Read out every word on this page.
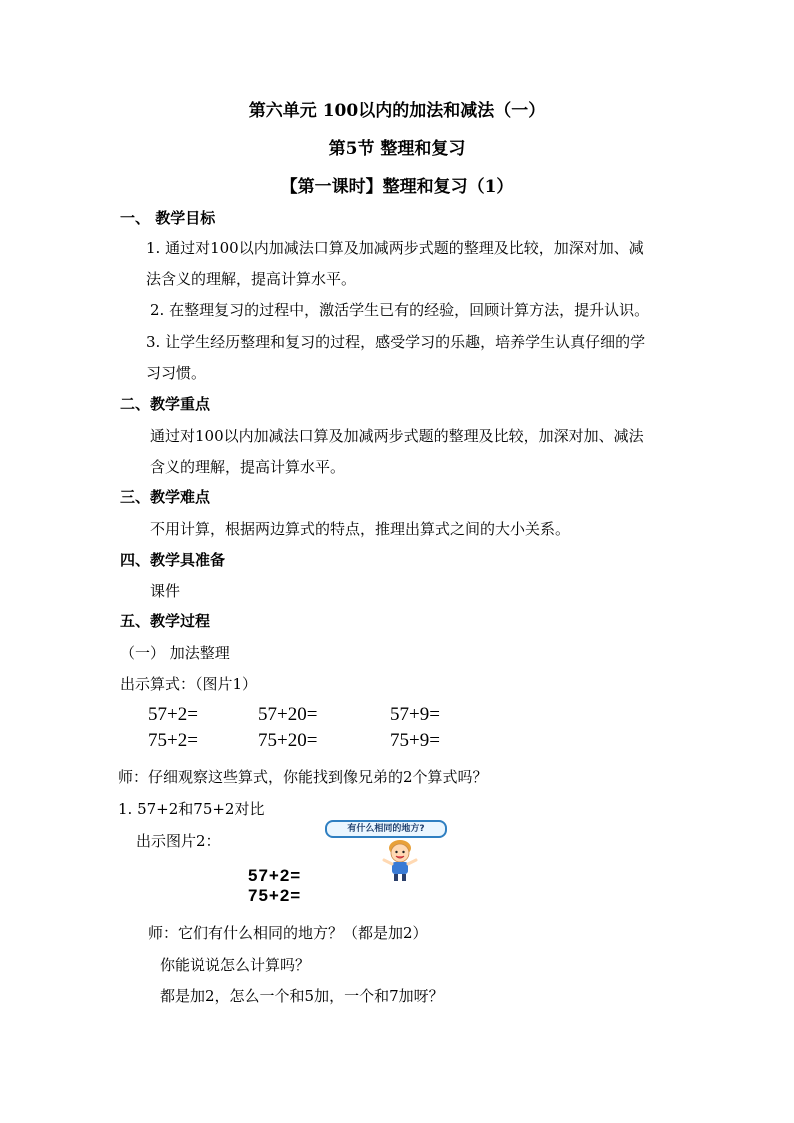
第六单元 100以内的加法和减法（一）
第5节 整理和复习
【第一课时】整理和复习（1）
一、 教学目标
1. 通过对100以内加减法口算及加减两步式题的整理及比较，加深对加、减
法含义的理解，提高计算水平。
2. 在整理复习的过程中，激活学生已有的经验，回顾计算方法，提升认识。
3. 让学生经历整理和复习的过程，感受学习的乐趣，培养学生认真仔细的学
习习惯。
二、教学重点
通过对100以内加减法口算及加减两步式题的整理及比较，加深对加、减法
含义的理解，提高计算水平。
三、教学难点
不用计算，根据两边算式的特点，推理出算式之间的大小关系。
四、教学具准备
课件
五、教学过程
（一） 加法整理
出示算式：（图片1）
57+2=	57+20=	57+9=
75+2=	75+20=	75+9=
师：仔细观察这些算式，你能找到像兄弟的2个算式吗？
1. 57+2和75+2对比
出示图片2：
有什么相同的地方?
57+2=
75+2=
师：它们有什么相同的地方？（都是加2）
你能说说怎么计算吗？
都是加2，怎么一个和5加，一个和7加呀？
